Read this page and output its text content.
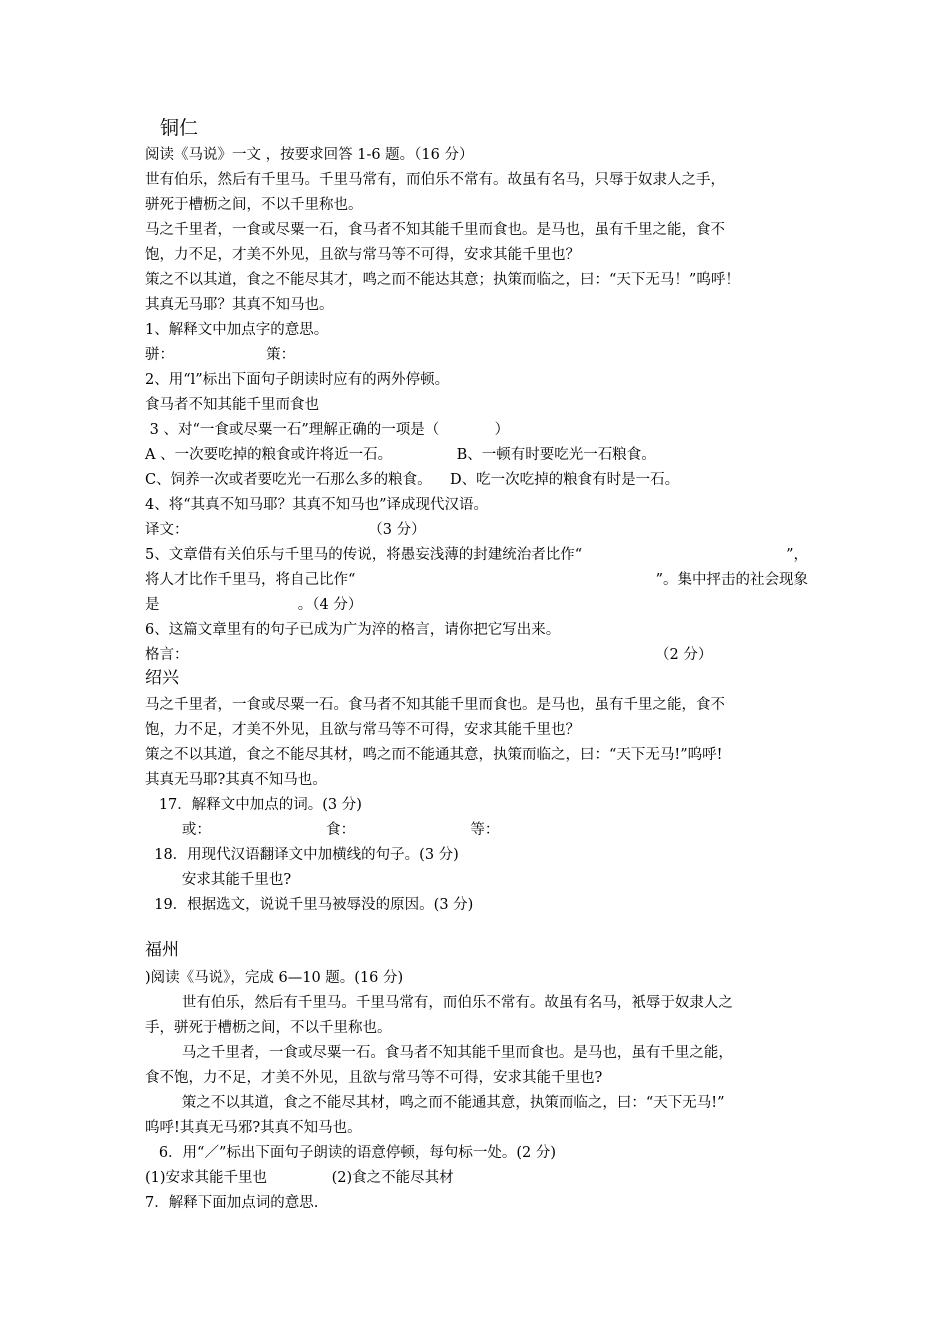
铜仁
阅读《马说》一文 ，按要求回答 1-6 题。（16 分）
世有伯乐，然后有千里马。千里马常有，而伯乐不常有。故虽有名马，只辱于奴隶人之手，
骈死于槽枥之间，不以千里称也。
马之千里者，一食或尽粟一石，食马者不知其能千里而食也。是马也，虽有千里之能，食不
饱，力不足，才美不外见，且欲与常马等不可得，安求其能千里也？
策之不以其道，食之不能尽其才，鸣之而不能达其意；执策而临之，曰：“天下无马！”呜呼！
其真无马耶？其真不知马也。
1、解释文中加点字的意思。
骈：                    策：
2、用“l”标出下面句子朗读时应有的两外停顿。
食马者不知其能千里而食也
3 、对“一食或尽粟一石”理解正确的一项是（            ）
A 、一次要吃掉的粮食或许将近一石。              B、一顿有时要吃光一石粮食。
C、饲养一次或者要吃光一石那么多的粮食。    D、吃一次吃掉的粮食有时是一石。
4、将“其真不知马耶？其真不知马也”译成现代汉语。
译文：                                       （3 分）
5、文章借有关伯乐与千里马的传说，将愚妄浅薄的封建统治者比作“	”，
将人才比作千里马，将自己比作“	”。集中抨击的社会现象
是                              。（4 分）
6、这篇文章里有的句子已成为广为淬的格言，请你把它写出来。
格言：	（2 分）
绍兴
马之千里者，一食或尽粟一石。食马者不知其能千里而食也。是马也，虽有千里之能，食不
饱，力不足，才美不外见，且欲与常马等不可得，安求其能千里也？
策之不以其道，食之不能尽其材，鸣之而不能通其意，执策而临之，曰：“天下无马!”呜呼!
其真无马耶?其真不知马也。
17．解释文中加点的词。(3 分)
或：                         食：                         等：
18．用现代汉语翻译文中加横线的句子。(3 分)
安求其能千里也?
19．根据选文，说说千里马被辱没的原因。(3 分)
福州
)阅读《马说》，完成 6—10 题。(16 分)
世有伯乐，然后有千里马。千里马常有，而伯乐不常有。故虽有名马，衹辱于奴隶人之
手，骈死于槽枥之间，不以千里称也。
马之千里者，一食或尽粟一石。食马者不知其能千里而食也。是马也，虽有千里之能，
食不饱，力不足，才美不外见，且欲与常马等不可得，安求其能千里也?
策之不以其道，食之不能尽其材，鸣之而不能通其意，执策而临之，曰：“天下无马!”
呜呼!其真无马邪?其真不知马也。
6．用“／”标出下面句子朗读的语意停顿，每句标一处。(2 分)
(1)安求其能千里也              (2)食之不能尽其材
7．解释下面加点词的意思.
